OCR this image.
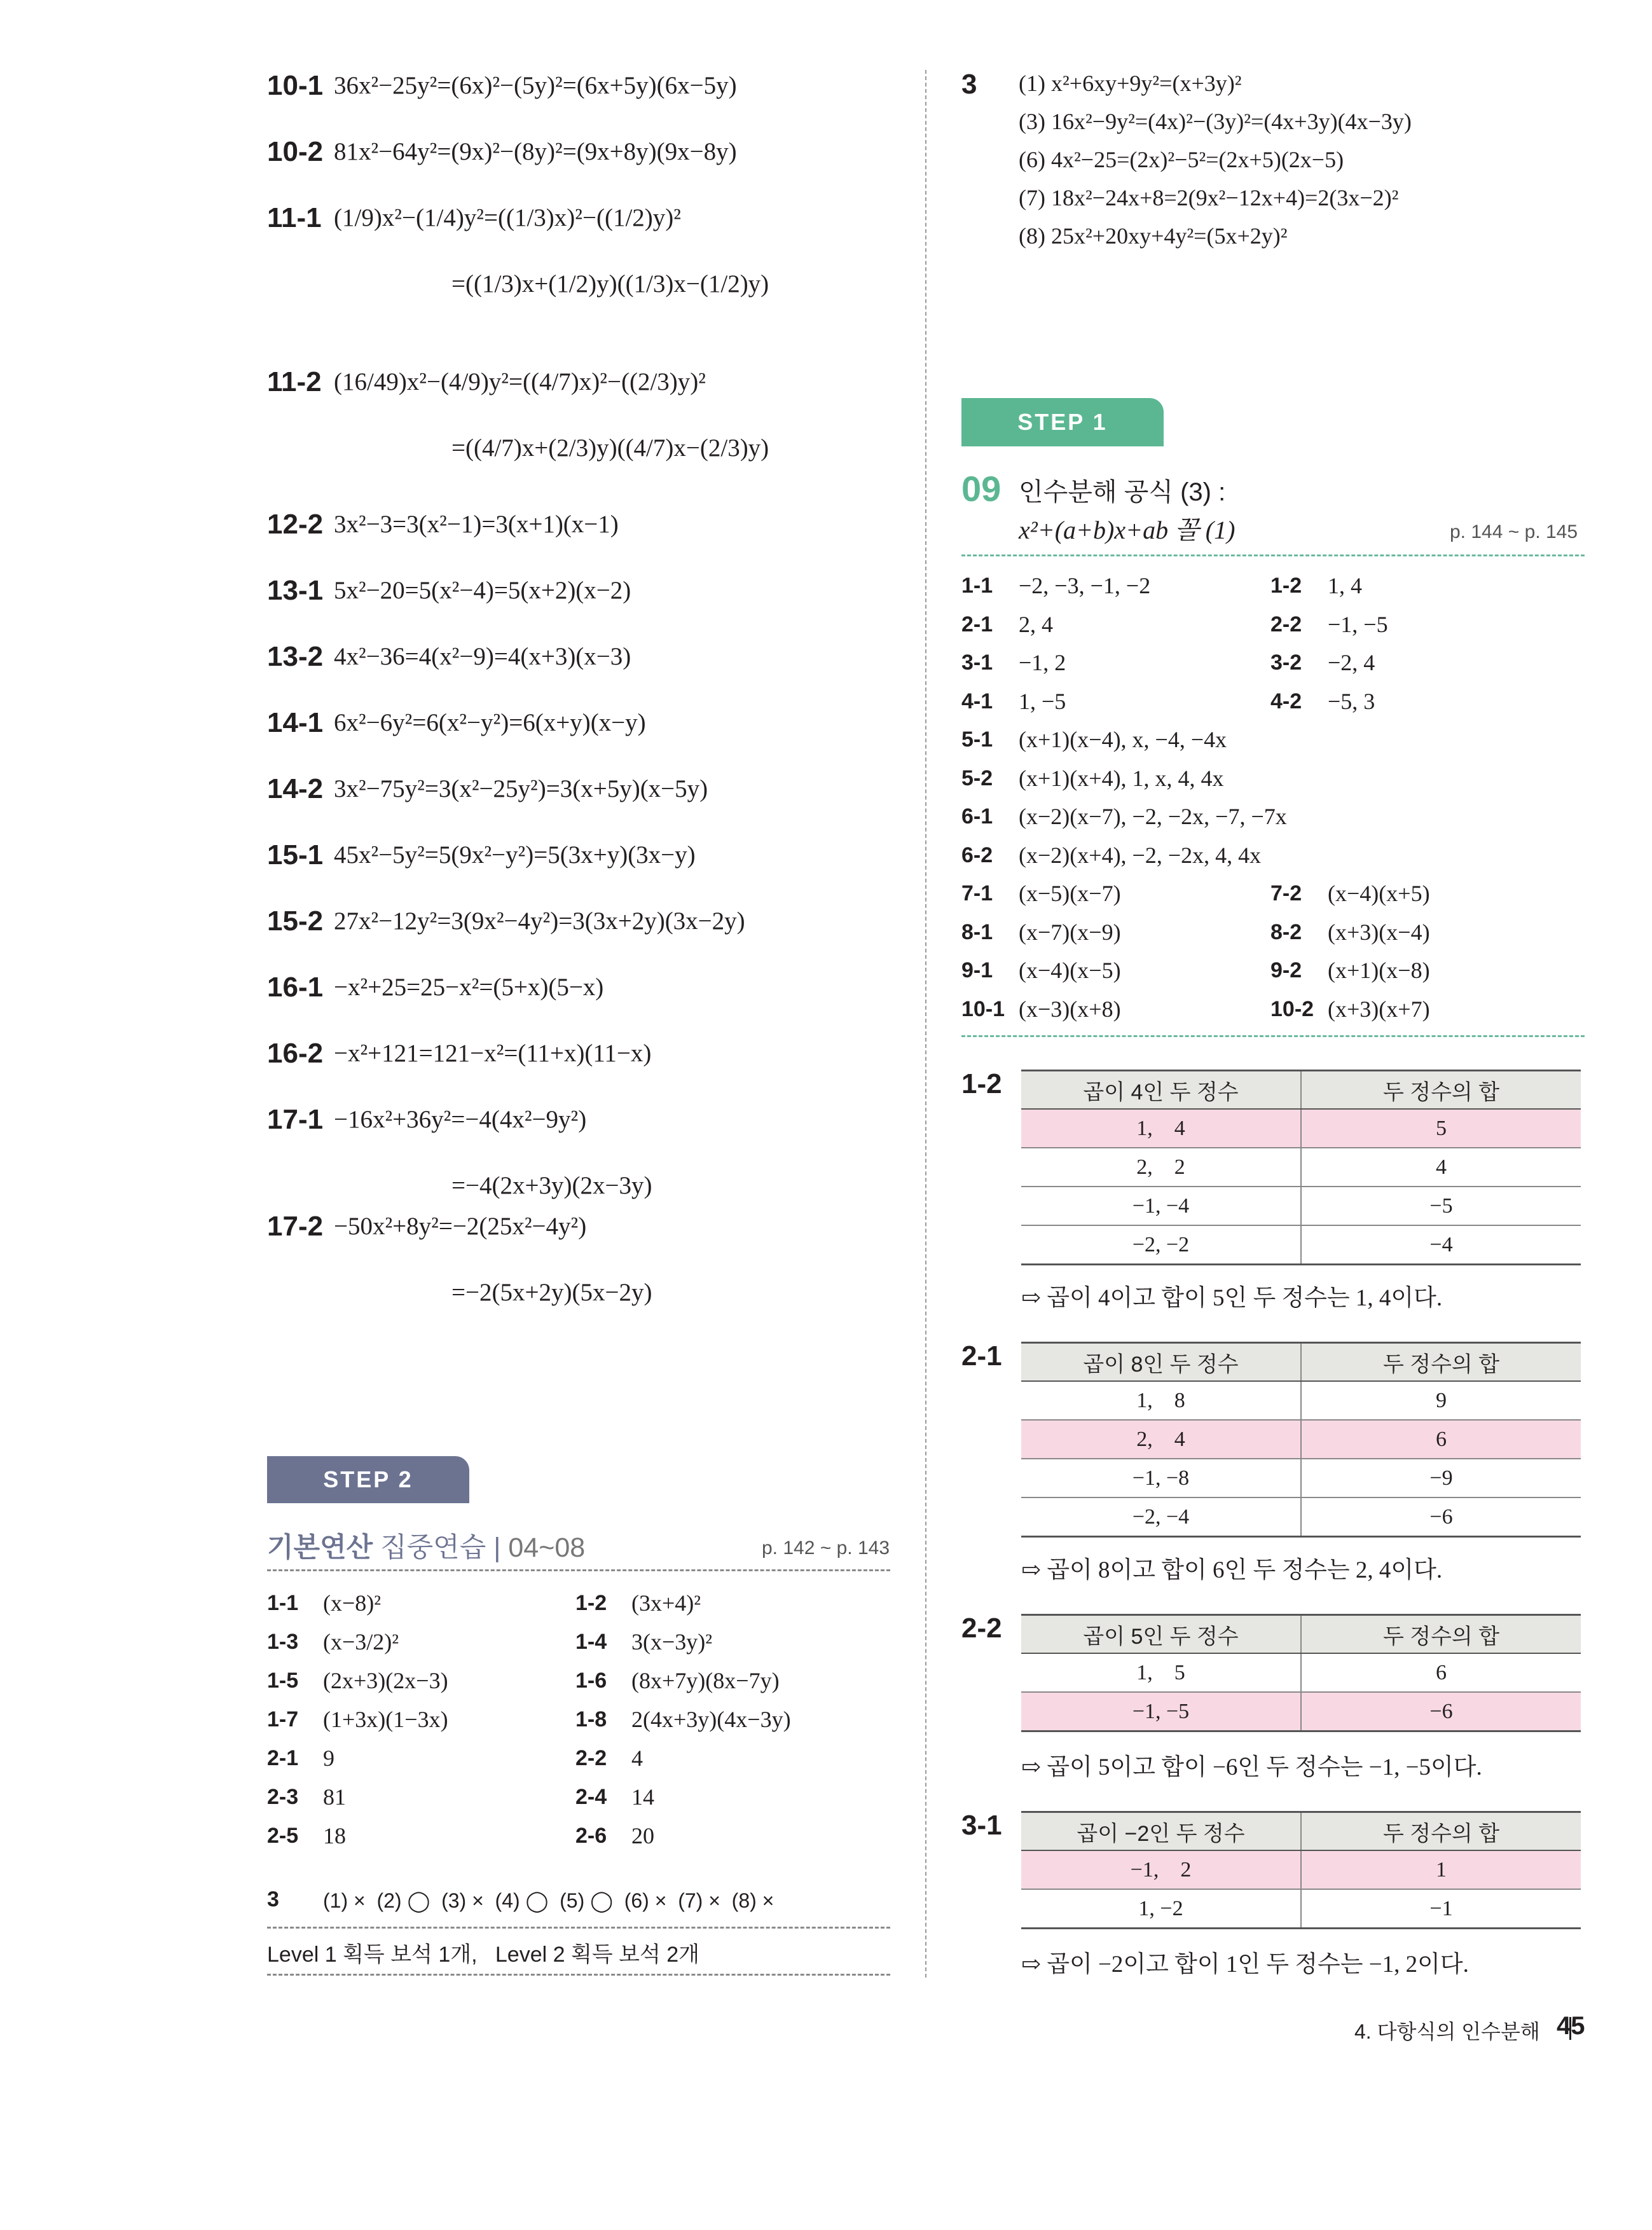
10-1 36x²−25y²=(6x)²−(5y)²=(6x+5y)(6x−5y)
10-2 81x²−64y²=(9x)²−(8y)²=(9x+8y)(9x−8y)
11-1 (1/9)x²−(1/4)y²=((1/3)x)²−((1/2)y)²
=((1/3)x+(1/2)y)((1/3)x−(1/2)y)
11-2 (16/49)x²−(4/9)y²=((4/7)x)²−((2/3)y)²
=((4/7)x+(2/3)y)((4/7)x−(2/3)y)
12-2 3x²−3=3(x²−1)=3(x+1)(x−1)
13-1 5x²−20=5(x²−4)=5(x+2)(x−2)
13-2 4x²−36=4(x²−9)=4(x+3)(x−3)
14-1 6x²−6y²=6(x²−y²)=6(x+y)(x−y)
14-2 3x²−75y²=3(x²−25y²)=3(x+5y)(x−5y)
15-1 45x²−5y²=5(9x²−y²)=5(3x+y)(3x−y)
15-2 27x²−12y²=3(9x²−4y²)=3(3x+2y)(3x−2y)
16-1 −x²+25=25−x²=(5+x)(5−x)
16-2 −x²+121=121−x²=(11+x)(11−x)
17-1 −16x²+36y²=−4(4x²−9y²)
=−4(2x+3y)(2x−3y)
17-2 −50x²+8y²=−2(25x²−4y²)
=−2(5x+2y)(5x−2y)
STEP 2
기본연산 집중연습 | 04~08	p. 142 ~ p. 143
1-1 (x−8)²	1-2 (3x+4)²
1-3 (x−3/2)²	1-4 3(x−3y)²
1-5 (2x+3)(2x−3)	1-6 (8x+7y)(8x−7y)
1-7 (1+3x)(1−3x)	1-8 2(4x+3y)(4x−3y)
2-1 9	2-2 4
2-3 81	2-4 14
2-5 18	2-6 20
3 (1) ×  (2) ◯  (3) ×  (4) ◯  (5) ◯  (6) ×  (7) ×  (8) ×
Level 1 획득 보석 1개,   Level 2 획득 보석 2개
3 (1) x²+6xy+9y²=(x+3y)²
(3) 16x²−9y²=(4x)²−(3y)²=(4x+3y)(4x−3y)
(6) 4x²−25=(2x)²−5²=(2x+5)(2x−5)
(7) 18x²−24x+8=2(9x²−12x+4)=2(3x−2)²
(8) 25x²+20xy+4y²=(5x+2y)²
STEP 1
09 인수분해 공식 (3) :
x²+(a+b)x+ab 꼴 (1)	p. 144 ~ p. 145
1-1 −2, −3, −1, −2	1-2 1, 4
2-1 2, 4	2-2 −1, −5
3-1 −1, 2	3-2 −2, 4
4-1 1, −5	4-2 −5, 3
5-1 (x+1)(x−4), x, −4, −4x
5-2 (x+1)(x+4), 1, x, 4, 4x
6-1 (x−2)(x−7), −2, −2x, −7, −7x
6-2 (x−2)(x+4), −2, −2x, 4, 4x
7-1 (x−5)(x−7)	7-2 (x−4)(x+5)
8-1 (x−7)(x−9)	8-2 (x+3)(x−4)
9-1 (x−4)(x−5)	9-2 (x+1)(x−8)
10-1 (x−3)(x+8)	10-2 (x+3)(x+7)
1-2	곱이 4인 두 정수	두 정수의 합
1,    4	5
2,    2	4
−1, −4	−5
−2, −2	−4
⇨ 곱이 4이고 합이 5인 두 정수는 1, 4이다.
2-1	곱이 8인 두 정수	두 정수의 합
1,    8	9
2,    4	6
−1, −8	−9
−2, −4	−6
⇨ 곱이 8이고 합이 6인 두 정수는 2, 4이다.
2-2	곱이 5인 두 정수	두 정수의 합
1,    5	6
−1, −5	−6
⇨ 곱이 5이고 합이 −6인 두 정수는 −1, −5이다.
3-1	곱이 −2인 두 정수	두 정수의 합
−1,    2	1
1, −2	−1
⇨ 곱이 −2이고 합이 1인 두 정수는 −1, 2이다.
4. 다항식의 인수분해 45
